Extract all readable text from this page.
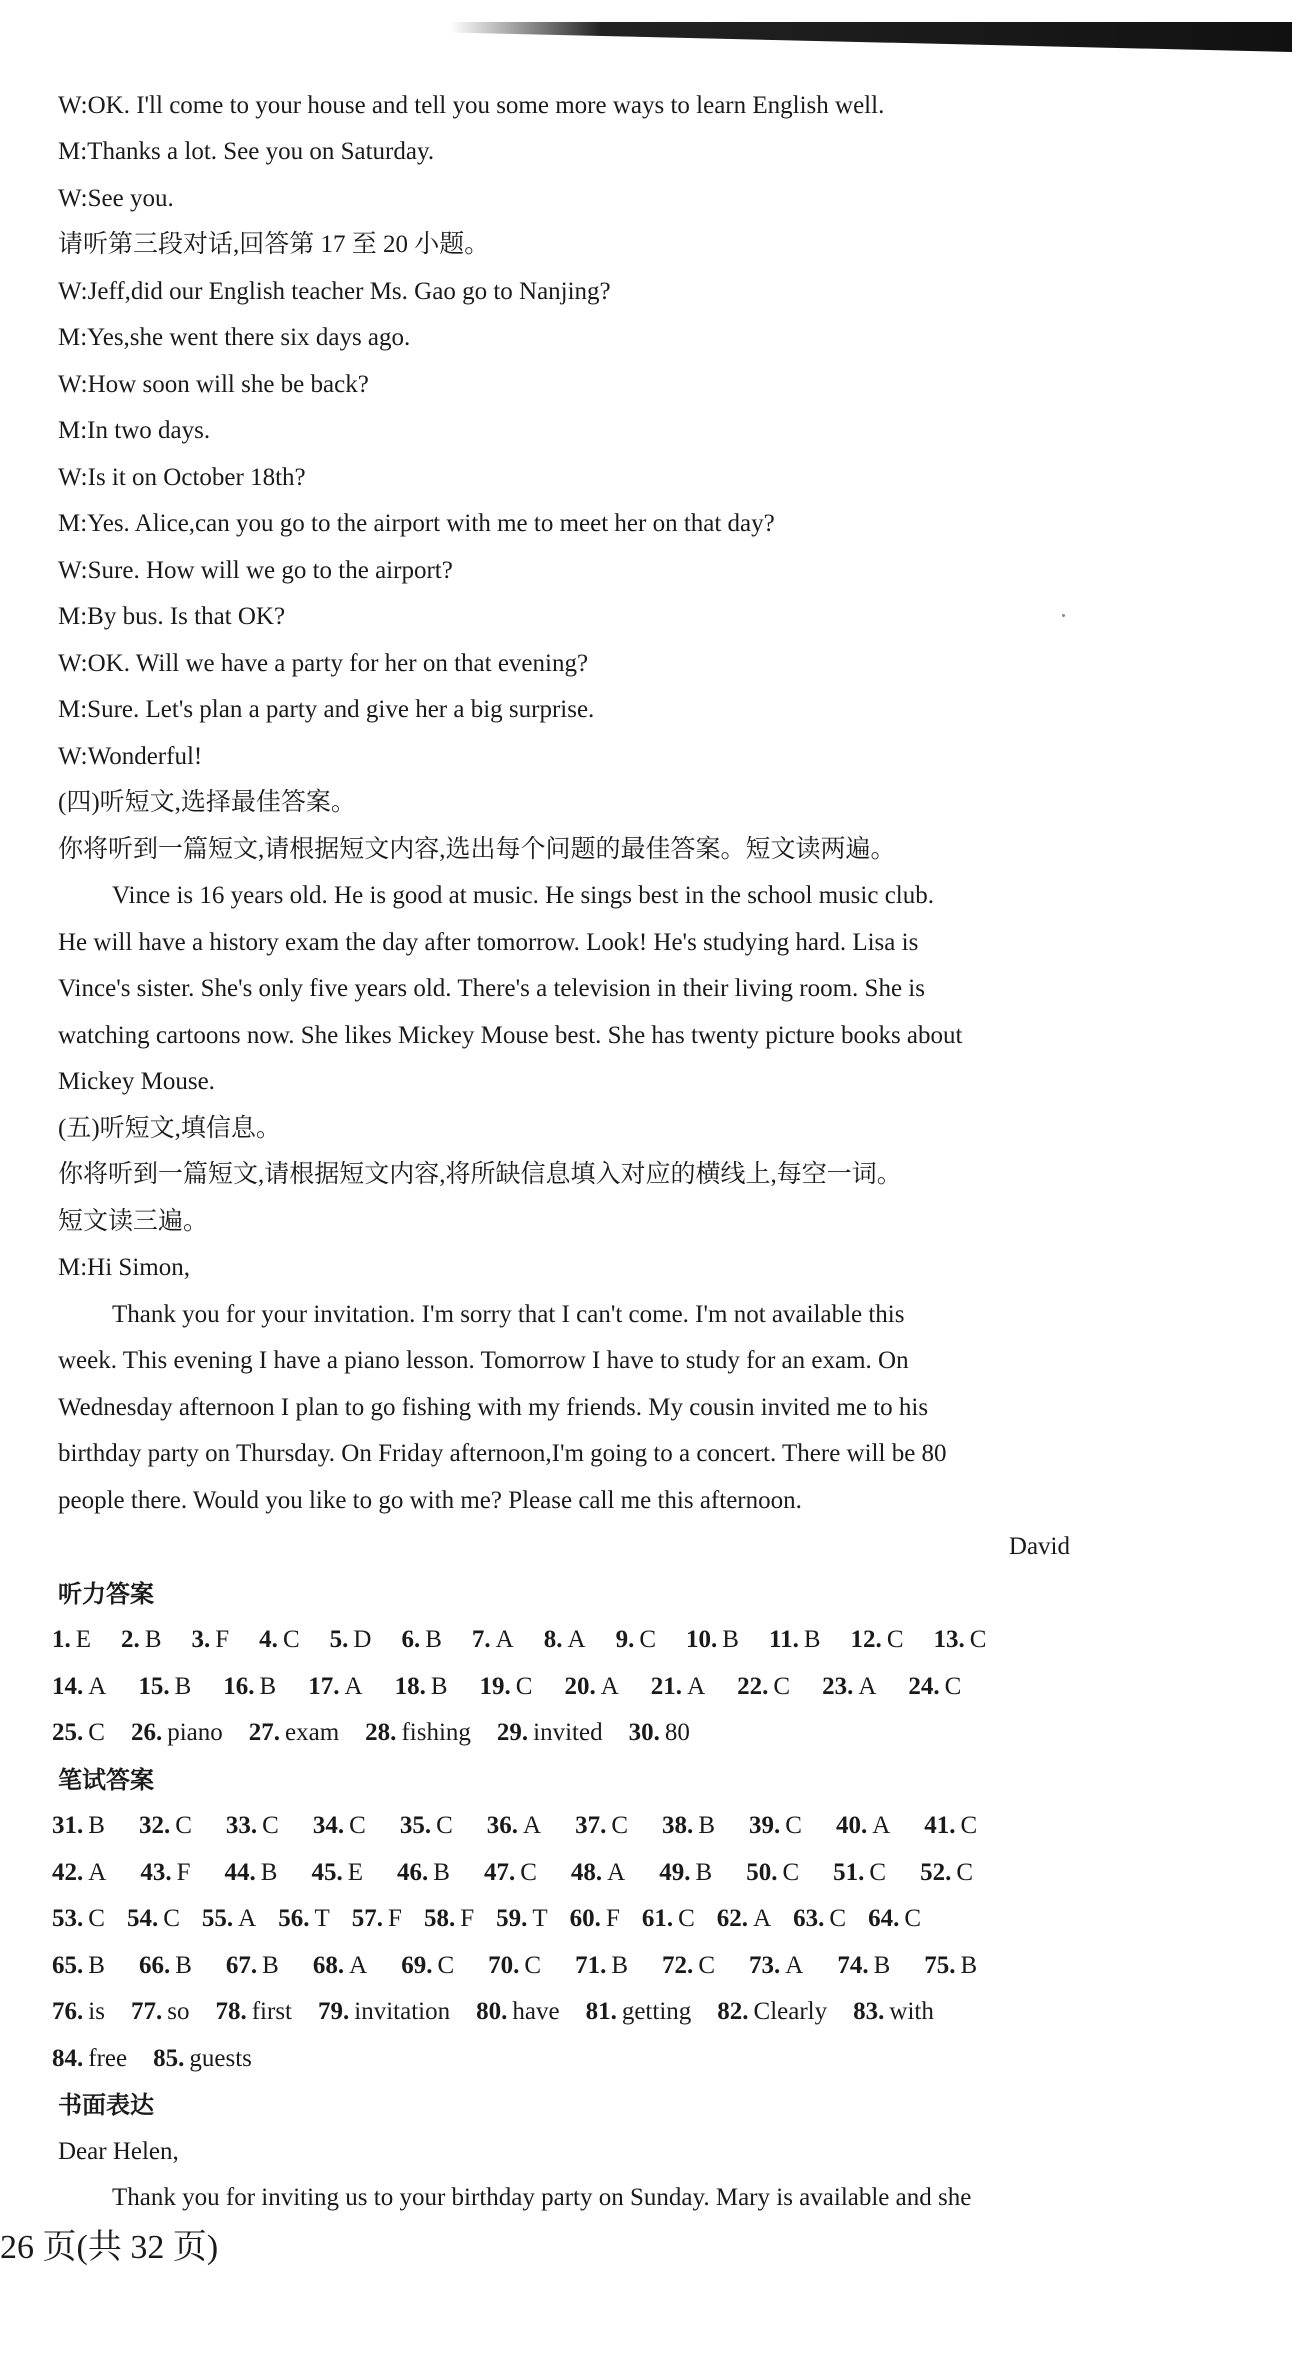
W:OK. I'll come to your house and tell you some more ways to learn English well.
M:Thanks a lot. See you on Saturday.
W:See you.
请听第三段对话,回答第 17 至 20 小题。
W:Jeff,did our English teacher Ms. Gao go to Nanjing?
M:Yes,she went there six days ago.
W:How soon will she be back?
M:In two days.
W:Is it on October 18th?
M:Yes. Alice,can you go to the airport with me to meet her on that day?
W:Sure. How will we go to the airport?
M:By bus. Is that OK?
W:OK. Will we have a party for her on that evening?
M:Sure. Let's plan a party and give her a big surprise.
W:Wonderful!
(四)听短文,选择最佳答案。
你将听到一篇短文,请根据短文内容,选出每个问题的最佳答案。短文读两遍。
Vince is 16 years old. He is good at music. He sings best in the school music club.
He will have a history exam the day after tomorrow. Look! He's studying hard. Lisa is
Vince's sister. She's only five years old. There's a television in their living room. She is
watching cartoons now. She likes Mickey Mouse best. She has twenty picture books about
Mickey Mouse.
(五)听短文,填信息。
你将听到一篇短文,请根据短文内容,将所缺信息填入对应的横线上,每空一词。
短文读三遍。
M:Hi Simon,
Thank you for your invitation. I'm sorry that I can't come. I'm not available this
week. This evening I have a piano lesson. Tomorrow I have to study for an exam. On
Wednesday afternoon I plan to go fishing with my friends. My cousin invited me to his
birthday party on Thursday. On Friday afternoon,I'm going to a concert. There will be 80
people there. Would you like to go with me? Please call me this afternoon.
David
听力答案
1.  E 2.  B 3.  F 4.  C 5.  D 6.  B 7.  A 8.  A 9.  C 10.  B 11.  B 12.  C 13.  C
14.  A 15.  B 16.  B 17.  A 18.  B 19.  C 20.  A 21.  A 22.  C 23.  A 24.  C
25.  C 26.  piano 27.  exam 28.  fishing 29.  invited 30.  80
笔试答案
31.  B 32.  C 33.  C 34.  C 35.  C 36.  A 37.  C 38.  B 39.  C 40.  A 41.  C
42.  A 43.  F 44.  B 45.  E 46.  B 47.  C 48.  A 49.  B 50.  C 51.  C 52.  C
53.  C 54.  C 55.  A 56.  T 57.  F 58.  F 59.  T 60.  F 61.  C 62.  A 63.  C 64.  C
65.  B 66.  B 67.  B 68.  A 69.  C 70.  C 71.  B 72.  C 73.  A 74.  B 75.  B
76.  is 77.  so 78.  first 79.  invitation 80.  have 81.  getting 82.  Clearly 83.  with
84.  free 85.  guests
书面表达
Dear Helen,
Thank you for inviting us to your birthday party on Sunday. Mary is available and she
26 页(共 32 页)
